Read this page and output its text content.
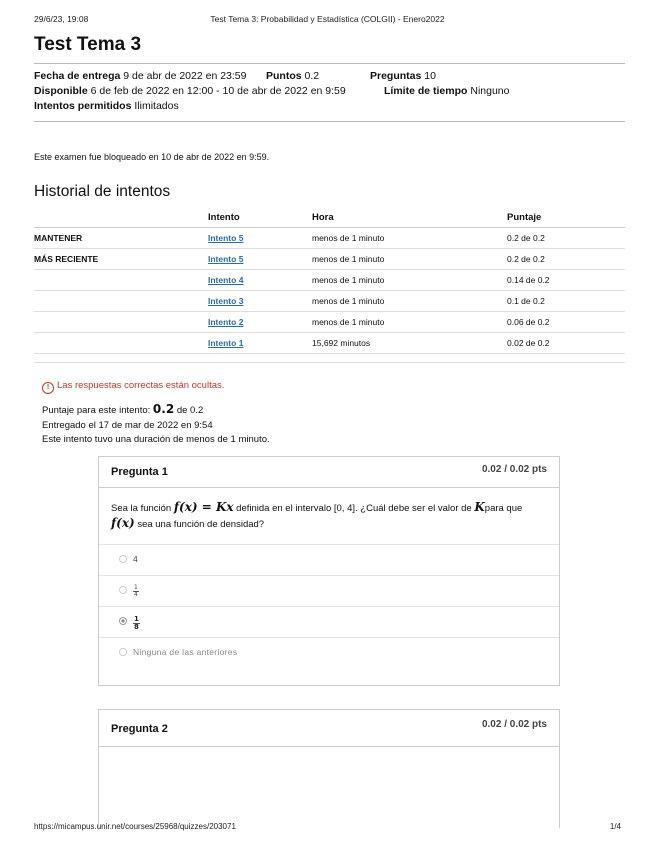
29/6/23, 19:08	Test Tema 3: Probabilidad y Estadística (COLGII) - Enero2022
Test Tema 3
Fecha de entrega 9 de abr de 2022 en 23:59 Puntos 0.2	Preguntas 10
Disponible 6 de feb de 2022 en 12:00 - 10 de abr de 2022 en 9:59	Límite de tiempo Ninguno
Intentos permitidos Ilimitados
Este examen fue bloqueado en 10 de abr de 2022 en 9:59.
Historial de intentos
	Intento	Hora	Puntaje
MANTENER	Intento 5	menos de 1 minuto	0.2 de 0.2
MÁS RECIENTE	Intento 5	menos de 1 minuto	0.2 de 0.2
	Intento 4	menos de 1 minuto	0.14 de 0.2
	Intento 3	menos de 1 minuto	0.1 de 0.2
	Intento 2	menos de 1 minuto	0.06 de 0.2
	Intento 1	15,692 minutos	0.02 de 0.2

! Las respuestas correctas están ocultas.
Puntaje para este intento: 0.2 de 0.2
Entregado el 17 de mar de 2022 en 9:54
Este intento tuvo una duración de menos de 1 minuto.
Pregunta 1	0.02 / 0.02 pts
Sea la función f(x) = Kx definida en el intervalo [0, 4]. ¿Cuál debe ser el valor de Kpara que f(x) sea una función de densidad?
4
$\frac{1}{4}$
$\frac{1}{8}$
Ninguna de las anteriores
Pregunta 2	0.02 / 0.02 pts
https://micampus.unir.net/courses/25968/quizzes/203071	1/4
